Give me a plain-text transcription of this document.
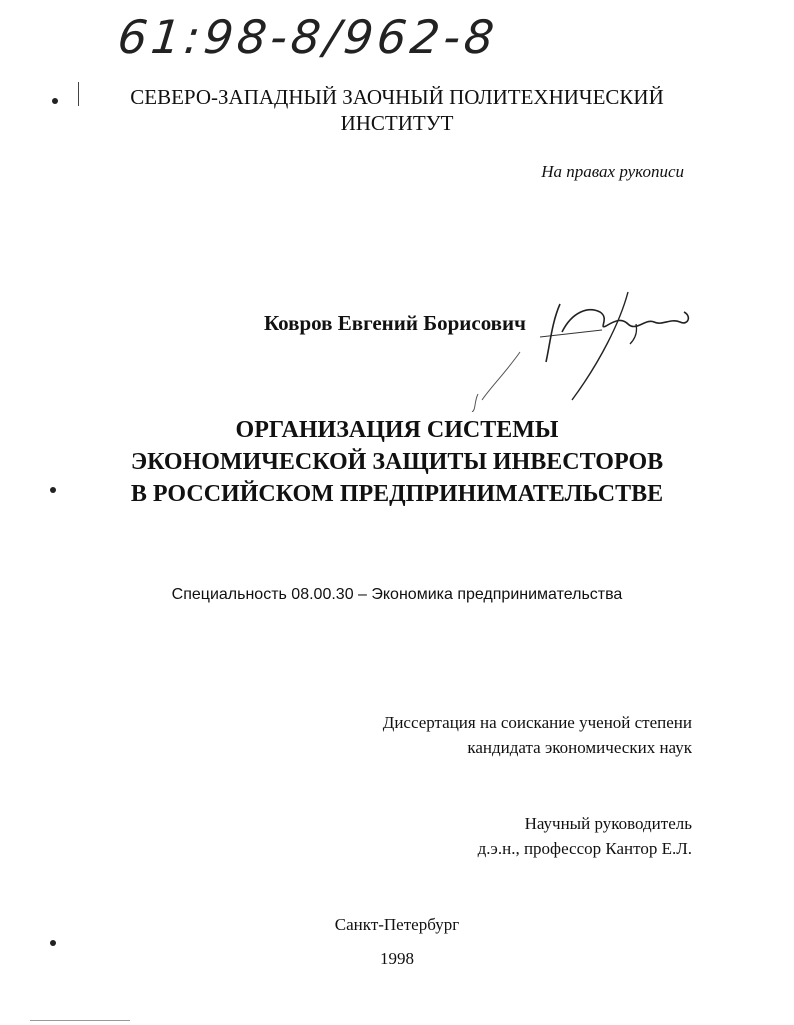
61:98-8/962-8
СЕВЕРО-ЗАПАДНЫЙ ЗАОЧНЫЙ ПОЛИТЕХНИЧЕСКИЙ
ИНСТИТУТ
На правах рукописи
Ковров Евгений Борисович
ОРГАНИЗАЦИЯ СИСТЕМЫ
ЭКОНОМИЧЕСКОЙ ЗАЩИТЫ ИНВЕСТОРОВ
В РОССИЙСКОМ ПРЕДПРИНИМАТЕЛЬСТВЕ
Специальность 08.00.30 – Экономика предпринимательства
Диссертация на соискание ученой степени
кандидата экономических наук
Научный руководитель
д.э.н., профессор Кантор Е.Л.
Санкт-Петербург
1998
